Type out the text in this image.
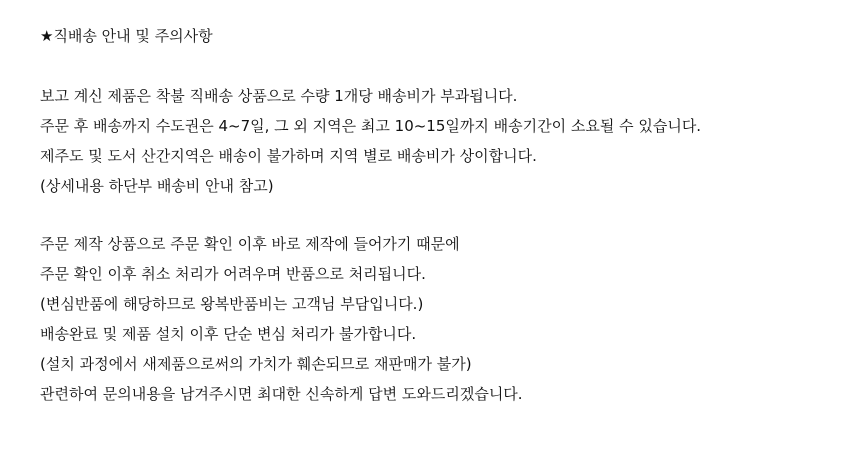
★직배송 안내 및 주의사항
보고 계신 제품은 착불 직배송 상품으로 수량 1개당 배송비가 부과됩니다.
주문 후 배송까지 수도권은 4~7일, 그 외 지역은 최고 10~15일까지 배송기간이 소요될 수 있습니다.
제주도 및 도서 산간지역은 배송이 불가하며 지역 별로 배송비가 상이합니다.
(상세내용 하단부 배송비 안내 참고)
주문 제작 상품으로 주문 확인 이후 바로 제작에 들어가기 때문에
주문 확인 이후 취소 처리가 어려우며 반품으로 처리됩니다.
(변심반품에 해당하므로 왕복반품비는 고객님 부담입니다.)
배송완료 및 제품 설치 이후 단순 변심 처리가 불가합니다.
(설치 과정에서 새제품으로써의 가치가 훼손되므로 재판매가 불가)
관련하여 문의내용을 남겨주시면 최대한 신속하게 답변 도와드리겠습니다.
